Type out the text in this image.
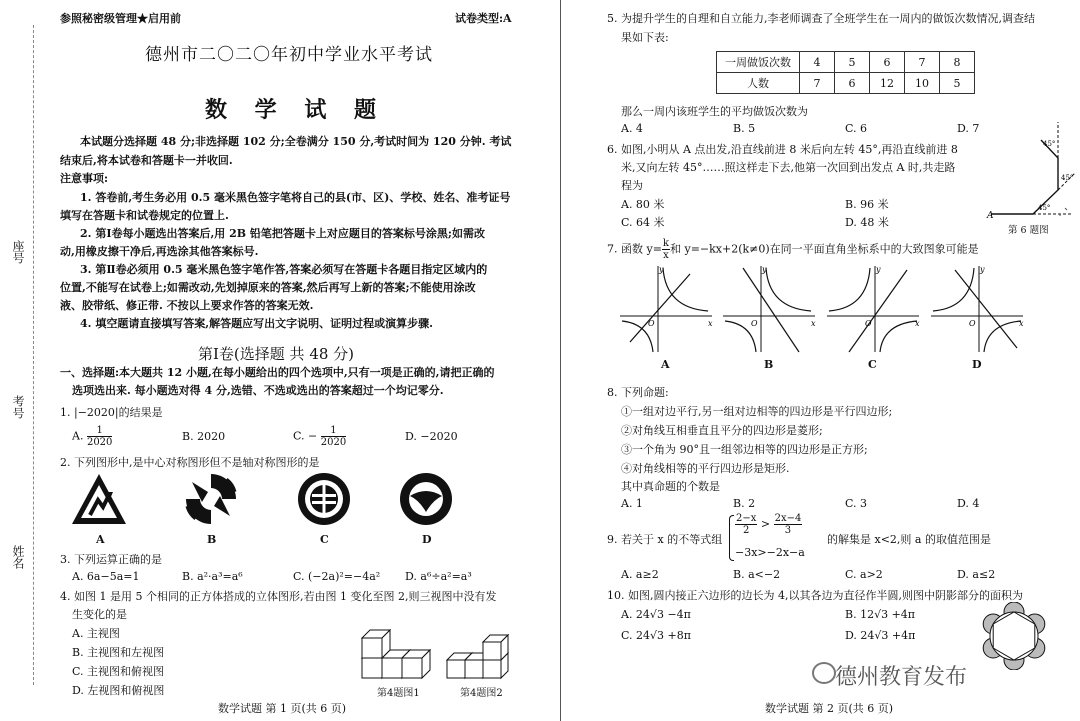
座号
考号
姓名
参照秘密级管理★启用前	试卷类型:A
德州市二〇二〇年初中学业水平考试
数 学 试 题
本试题分选择题 48 分;非选择题 102 分;全卷满分 150 分,考试时间为 120 分钟. 考试
结束后,将本试卷和答题卡一并收回.
注意事项:
1. 答卷前,考生务必用 0.5 毫米黑色签字笔将自己的县(市、区)、学校、姓名、准考证号
填写在答题卡和试卷规定的位置上.
2. 第Ⅰ卷每小题选出答案后,用 2B 铅笔把答题卡上对应题目的答案标号涂黑;如需改
动,用橡皮擦干净后,再选涂其他答案标号.
3. 第Ⅱ卷必须用 0.5 毫米黑色签字笔作答,答案必须写在答题卡各题目指定区域内的
位置,不能写在试卷上;如需改动,先划掉原来的答案,然后再写上新的答案;不能使用涂改
液、胶带纸、修正带. 不按以上要求作答的答案无效.
4. 填空题请直接填写答案,解答题应写出文字说明、证明过程或演算步骤.
第Ⅰ卷(选择题 共 48 分)
一、选择题:本大题共 12 小题,在每小题给出的四个选项中,只有一项是正确的,请把正确的
选项选出来. 每小题选对得 4 分,选错、不选或选出的答案超过一个均记零分.
1. |−2020|的结果是
A. $\frac{1}{2020}$	B. 2020	C. − $\frac{1}{2020}$	D. −2020
2. 下列图形中,是中心对称图形但不是轴对称图形的是
A	B	C	D
3. 下列运算正确的是
A. 6a−5a=1	B. a²·a³=a⁶	C. (−2a)²=−4a² D. a⁶÷a²=a³
4. 如图 1 是用 5 个相同的正方体搭成的立体图形,若由图 1 变化至图 2,则三视图中没有发
生变化的是
A. 主视图
B. 主视图和左视图
C. 主视图和俯视图
D. 左视图和俯视图	第4题图1	第4题图2
数学试题 第 1 页(共 6 页)
5. 为提升学生的自理和自立能力,李老师调查了全班学生在一周内的做饭次数情况,调查结
果如下表:
一周做饭次数	4	5	6	7	8
人数	7	6	12	10	5
那么一周内该班学生的平均做饭次数为
A. 4	B. 5	C. 6	D. 7
6. 如图,小明从 A 点出发,沿直线前进 8 米后向左转 45°,再沿直线前进 8
米,又向左转 45°……照这样走下去,他第一次回到出发点 A 时,共走路
程为
A. 80 米	B. 96 米
C. 64 米	D. 48 米	A
45°
45°
45°
第 6 题图
7. 函数 $y= \frac{k}{x}$ 和 y=−kx+2(k≠0)在同一平面直角坐标系中的大致图象可能是
y
x
O
y
x
O
y
x
O
y
x
O
A	B	C	D
8. 下列命题:
①一组对边平行,另一组对边相等的四边形是平行四边形;
②对角线互相垂直且平分的四边形是菱形;
③一个角为 90°且一组邻边相等的四边形是正方形;
④对角线相等的平行四边形是矩形.
其中真命题的个数是
A. 1	B. 2	C. 3	D. 4
9. 若关于 x 的不等式组
$\frac{2-x}{2} > \frac{2x-4}{3}$
−3x>−2x−a
的解集是 x<2,则 a 的取值范围是
A. a≥2	B. a<−2	C. a>2	D. a≤2
10. 如图,圆内接正六边形的边长为 4,以其各边为直径作半圆,则图中阴影部分的面积为
A. 24√3 −4π	B. 12√3 +4π
C. 24√3 +8π	D. 24√3 +4π
数学试题 第 2 页(共 6 页)
德州教育发布
